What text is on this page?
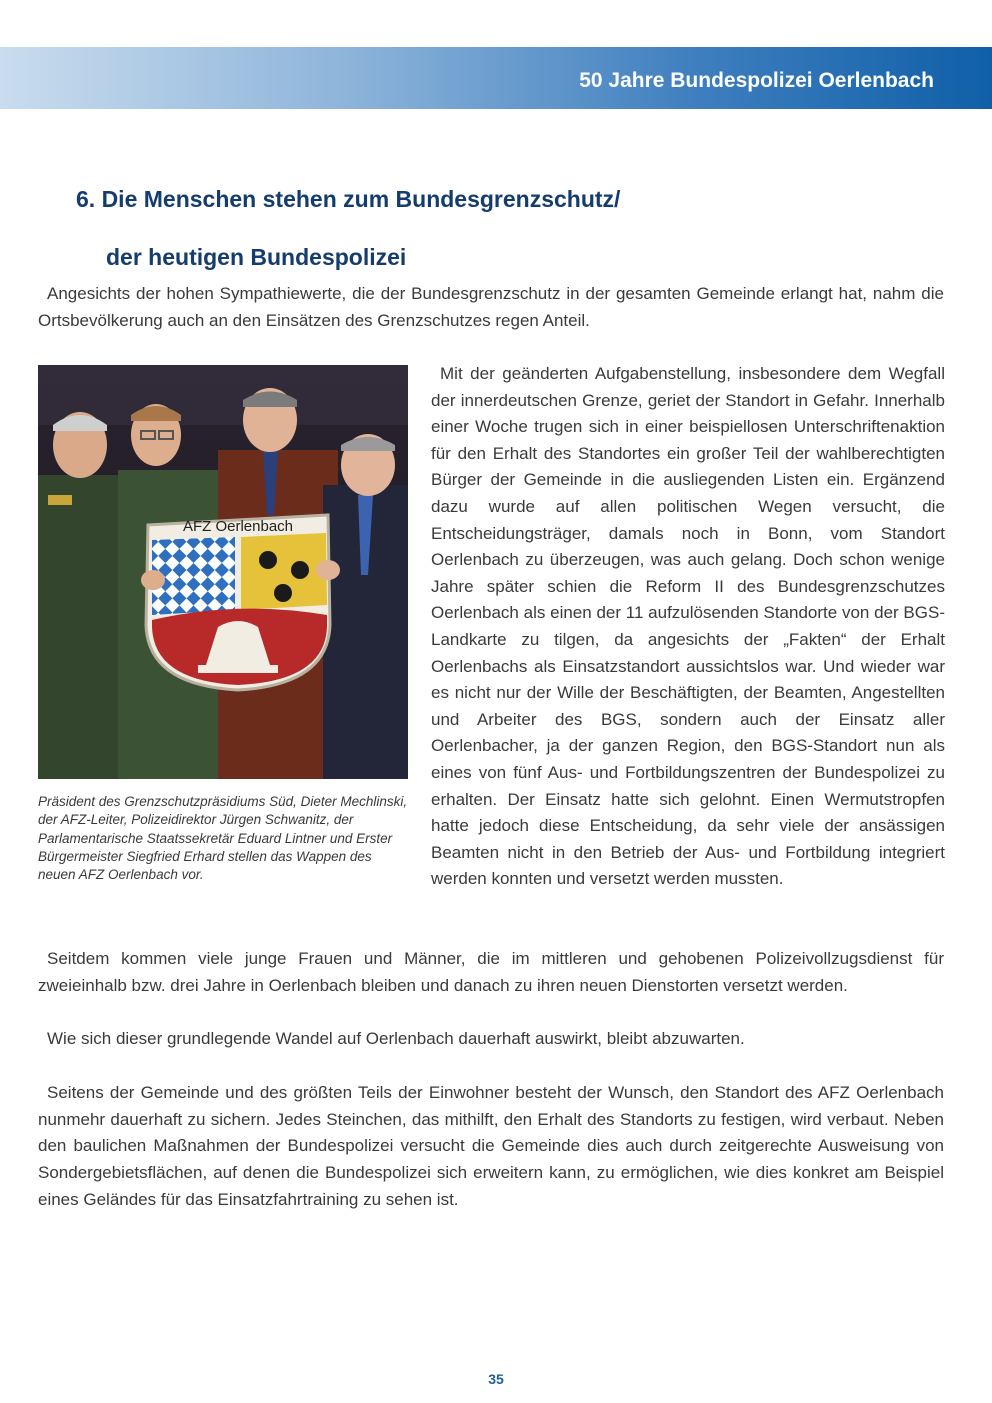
50 Jahre Bundespolizei Oerlenbach
6. Die Menschen stehen zum Bundesgrenzschutz/
der heutigen Bundespolizei

Angesichts der hohen Sympathiewerte, die der Bundesgrenzschutz in der gesamten Gemeinde erlangt hat, nahm die Ortsbevölkerung auch an den Einsätzen des Grenzschutzes regen Anteil.

AFZ Oerlenbach

Präsident des Grenzschutzpräsidiums Süd, Dieter Mechlinski, der AFZ-Leiter, Polizeidirektor Jürgen Schwanitz, der Parlamentarische Staatssekretär Eduard Lintner und Erster Bürgermeister Siegfried Erhard stellen das Wappen des neuen AFZ Oerlenbach vor.

Mit der geänderten Aufgabenstellung, insbesondere dem Wegfall der innerdeutschen Grenze, geriet der Standort in Gefahr. Innerhalb einer Woche trugen sich in einer beispiellosen Unterschriftenaktion für den Erhalt des Standortes ein großer Teil der wahlberechtigten Bürger der Gemeinde in die ausliegenden Listen ein. Ergänzend dazu wurde auf allen politischen Wegen versucht, die Entscheidungsträger, damals noch in Bonn, vom Standort Oerlenbach zu überzeugen, was auch gelang. Doch schon wenige Jahre später schien die Reform II des Bundesgrenzschutzes Oerlenbach als einen der 11 aufzulösenden Standorte von der BGS-Landkarte zu tilgen, da angesichts der „Fakten“ der Erhalt Oerlenbachs als Einsatzstandort aussichtslos war. Und wieder war es nicht nur der Wille der Beschäftigten, der Beamten, Angestellten und Arbeiter des BGS, sondern auch der Einsatz aller Oerlenbacher, ja der ganzen Region, den BGS-Standort nun als eines von fünf Aus- und Fortbildungszentren der Bundespolizei zu erhalten. Der Einsatz hatte sich gelohnt. Einen Wermutstropfen hatte jedoch diese Entscheidung, da sehr viele der ansässigen Beamten nicht in den Betrieb der Aus- und Fortbildung integriert werden konnten und versetzt werden mussten.

Seitdem kommen viele junge Frauen und Männer, die im mittleren und gehobenen Polizeivollzugsdienst für zweieinhalb bzw. drei Jahre in Oerlenbach bleiben und danach zu ihren neuen Dienstorten versetzt werden.

Wie sich dieser grundlegende Wandel auf Oerlenbach dauerhaft auswirkt, bleibt abzuwarten.

Seitens der Gemeinde und des größten Teils der Einwohner besteht der Wunsch, den Standort des AFZ Oerlenbach nunmehr dauerhaft zu sichern. Jedes Steinchen, das mithilft, den Erhalt des Standorts zu festigen, wird verbaut. Neben den baulichen Maßnahmen der Bundespolizei versucht die Gemeinde dies auch durch zeitgerechte Ausweisung von Sondergebietsflächen, auf denen die Bundespolizei sich erweitern kann, zu ermöglichen, wie dies konkret am Beispiel eines Geländes für das Einsatzfahrtraining zu sehen ist.

35
